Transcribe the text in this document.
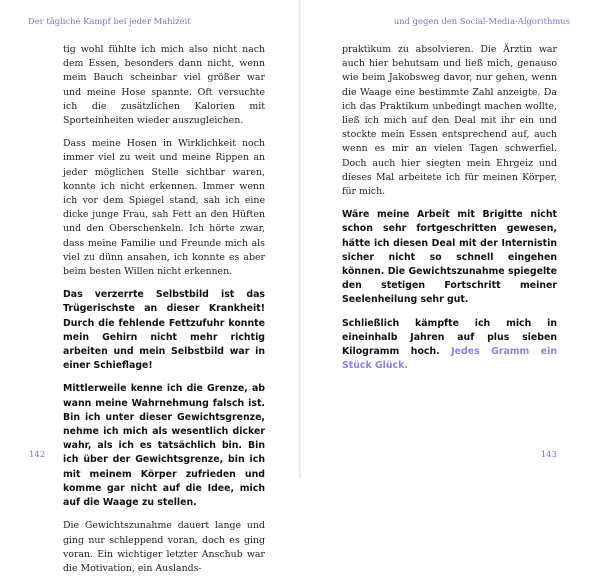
Der tägliche Kampf bei jeder Mahlzeit

tig wohl fühlte ich mich also nicht nach dem Essen, besonders dann nicht, wenn mein Bauch scheinbar viel größer war und meine Hose spannte. Oft versuchte ich die zusätzlichen Kalorien mit Sporteinheiten wieder auszugleichen.

Dass meine Hosen in Wirklichkeit noch immer viel zu weit und meine Rippen an jeder möglichen Stelle sichtbar waren, konnte ich nicht erkennen. Immer wenn ich vor dem Spiegel stand, sah ich eine dicke junge Frau, sah Fett an den Hüften und den Oberschenkeln. Ich hörte zwar, dass meine Familie und Freunde mich als viel zu dünn ansahen, ich konnte es aber beim besten Willen nicht erkennen.

Das verzerrte Selbstbild ist das Trügerischste an dieser Krankheit! Durch die fehlende Fettzufuhr konnte mein Gehirn nicht mehr richtig arbeiten und mein Selbstbild war in einer Schieflage!

Mittlerweile kenne ich die Grenze, ab wann meine Wahrnehmung falsch ist. Bin ich unter dieser Gewichtsgrenze, nehme ich mich als wesentlich dicker wahr, als ich es tatsächlich bin. Bin ich über der Gewichtsgrenze, bin ich mit meinem Körper zufrieden und komme gar nicht auf die Idee, mich auf die Waage zu stellen.

Die Gewichtszunahme dauert lange und ging nur schleppend voran, doch es ging voran. Ein wichtiger letzter Anschub war die Motivation, ein Auslands-

142
und gegen den Social-Media-Algorithmus

praktikum zu absolvieren. Die Ärztin war auch hier behutsam und ließ mich, genauso wie beim Jakobsweg davor, nur gehen, wenn die Waage eine bestimmte Zahl anzeigte. Da ich das Praktikum unbedingt machen wollte, ließ ich mich auf den Deal mit ihr ein und stockte mein Essen entsprechend auf, auch wenn es mir an vielen Tagen schwerfiel. Doch auch hier siegten mein Ehrgeiz und dieses Mal arbeitete ich für meinen Körper, für mich.

Wäre meine Arbeit mit Brigitte nicht schon sehr fortgeschritten gewesen, hätte ich diesen Deal mit der Internistin sicher nicht so schnell eingehen können. Die Gewichtszunahme spiegelte den stetigen Fortschritt meiner Seelenheilung sehr gut.

Schließlich kämpfte ich mich in eineinhalb Jahren auf plus sieben Kilogramm hoch. Jedes Gramm ein Stück Glück.

143
